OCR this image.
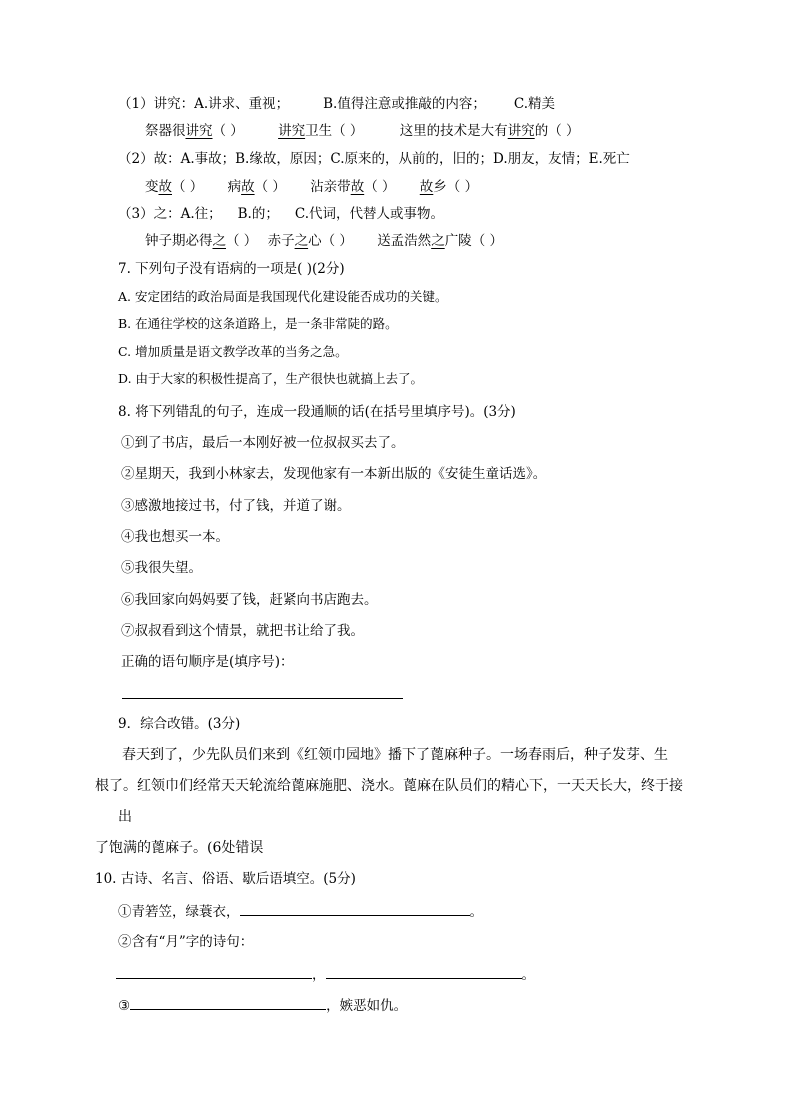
（1）讲究：A.讲求、重视；	B.值得注意或推敲的内容； C.精美
祭器很讲究（ ）	讲究卫生（ ）	这里的技术是大有讲究的（ ）
（2）故：A.事故；B.缘故，原因；C.原来的，从前的，旧的；D.朋友，友情；E.死亡
变故（ ） 病故（ ） 沾亲带故（ ） 故乡（ ）
（3）之：A.往； B.的； C.代词，代替人或事物。
钟子期必得之（ ） 赤子之心（ ） 送孟浩然之广陵（ ）
7. 下列句子没有语病的一项是( )(2分)
A. 安定团结的政治局面是我国现代化建设能否成功的关键。
B. 在通往学校的这条道路上，是一条非常陡的路。
C. 增加质量是语文教学改革的当务之急。
D. 由于大家的积极性提高了，生产很快也就搞上去了。
8. 将下列错乱的句子，连成一段通顺的话(在括号里填序号)。(3分)
①到了书店，最后一本刚好被一位叔叔买去了。
②星期天，我到小林家去，发现他家有一本新出版的《安徒生童话选》。
③感激地接过书，付了钱，并道了谢。
④我也想买一本。
⑤我很失望。
⑥我回家向妈妈要了钱，赶紧向书店跑去。
⑦叔叔看到这个情景，就把书让给了我。
正确的语句顺序是(填序号)：
9．综合改错。(3分)
春天到了，少先队员们来到《红领巾园地》播下了蓖麻种子。一场春雨后，种子发芽、生
根了。红领巾们经常天天轮流给蓖麻施肥、浇水。蓖麻在队员们的精心下，一天天长大，终于接
出
了饱满的蓖麻子。(6处错误
10. 古诗、名言、俗语、歇后语填空。(5分)
①青箬笠，绿蓑衣，	。
②含有“月”字的诗句：
，	。
③	，嫉恶如仇。
